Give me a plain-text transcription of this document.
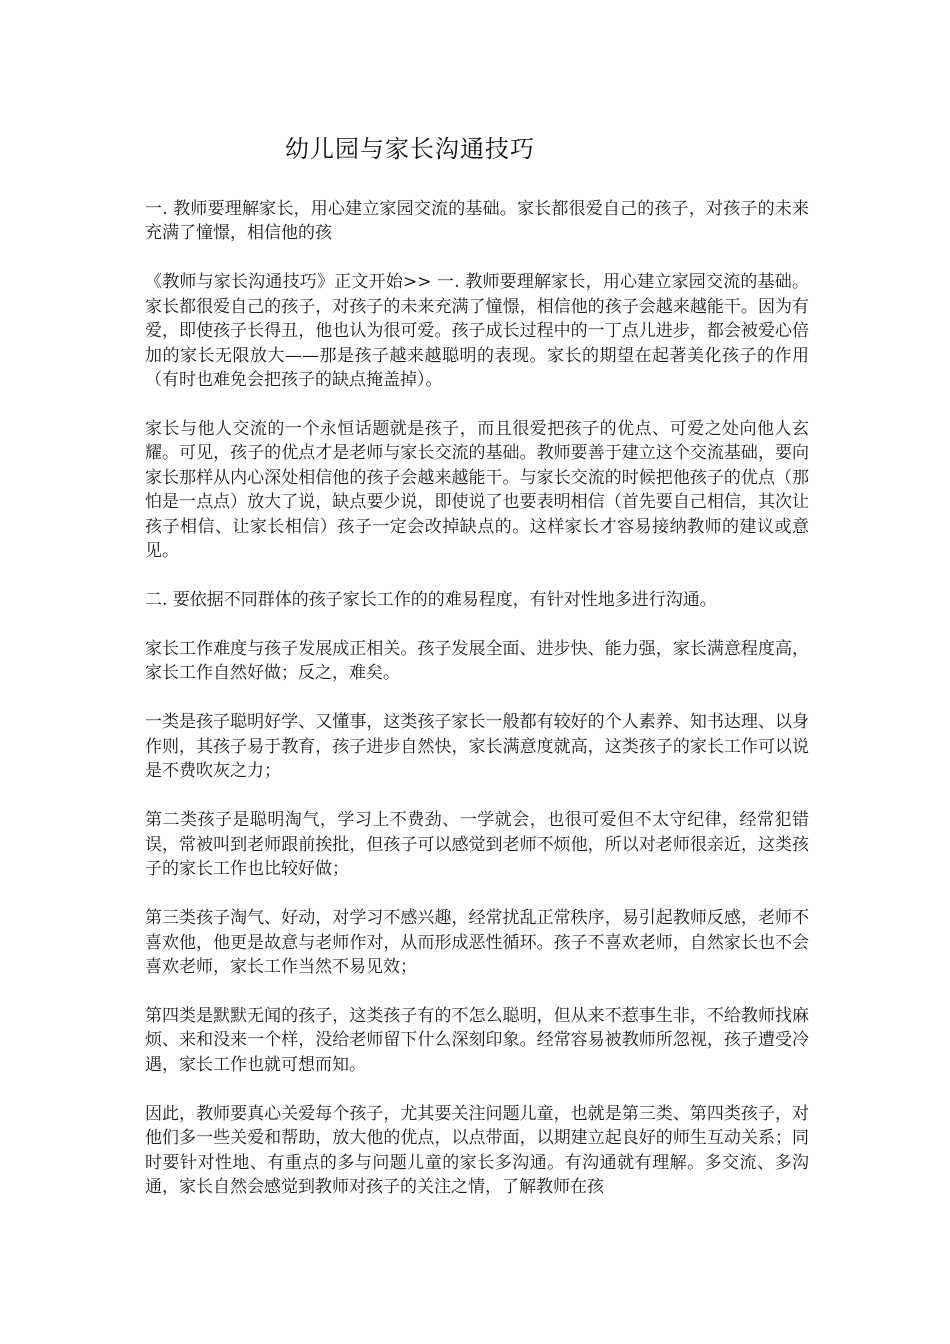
幼儿园与家长沟通技巧

一. 教师要理解家长，用心建立家园交流的基础。家长都很爱自己的孩子，对孩子的未来充满了憧憬，相信他的孩

《教师与家长沟通技巧》正文开始>> 一. 教师要理解家长，用心建立家园交流的基础。家长都很爱自己的孩子，对孩子的未来充满了憧憬，相信他的孩子会越来越能干。因为有爱，即使孩子长得丑，他也认为很可爱。孩子成长过程中的一丁点儿进步，都会被爱心倍加的家长无限放大——那是孩子越来越聪明的表现。家长的期望在起著美化孩子的作用（有时也难免会把孩子的缺点掩盖掉）。

家长与他人交流的一个永恒话题就是孩子，而且很爱把孩子的优点、可爱之处向他人玄耀。可见，孩子的优点才是老师与家长交流的基础。教师要善于建立这个交流基础，要向家长那样从内心深处相信他的孩子会越来越能干。与家长交流的时候把他孩子的优点（那怕是一点点）放大了说，缺点要少说，即使说了也要表明相信（首先要自己相信，其次让孩子相信、让家长相信）孩子一定会改掉缺点的。这样家长才容易接纳教师的建议或意见。

二. 要依据不同群体的孩子家长工作的的难易程度，有针对性地多进行沟通。

家长工作难度与孩子发展成正相关。孩子发展全面、进步快、能力强，家长满意程度高，家长工作自然好做；反之，难矣。

一类是孩子聪明好学、又懂事，这类孩子家长一般都有较好的个人素养、知书达理、以身作则，其孩子易于教育，孩子进步自然快，家长满意度就高，这类孩子的家长工作可以说是不费吹灰之力；

第二类孩子是聪明淘气，学习上不费劲、一学就会，也很可爱但不太守纪律，经常犯错误，常被叫到老师跟前挨批，但孩子可以感觉到老师不烦他，所以对老师很亲近，这类孩子的家长工作也比较好做；

第三类孩子淘气、好动，对学习不感兴趣，经常扰乱正常秩序，易引起教师反感，老师不喜欢他，他更是故意与老师作对，从而形成恶性循环。孩子不喜欢老师，自然家长也不会喜欢老师，家长工作当然不易见效；

第四类是默默无闻的孩子，这类孩子有的不怎么聪明，但从来不惹事生非，不给教师找麻烦、来和没来一个样，没给老师留下什么深刻印象。经常容易被教师所忽视，孩子遭受冷遇，家长工作也就可想而知。

因此，教师要真心关爱每个孩子，尤其要关注问题儿童，也就是第三类、第四类孩子，对他们多一些关爱和帮助，放大他的优点，以点带面，以期建立起良好的师生互动关系；同时要针对性地、有重点的多与问题儿童的家长多沟通。有沟通就有理解。多交流、多沟通，家长自然会感觉到教师对孩子的关注之情，了解教师在孩
